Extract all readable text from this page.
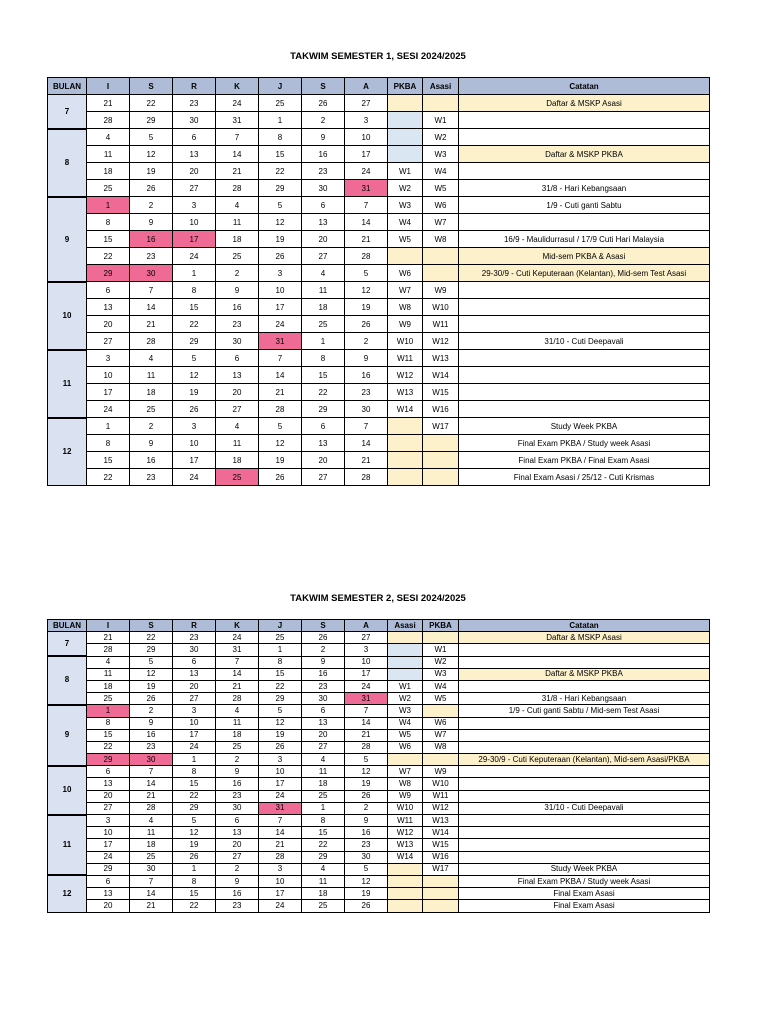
TAKWIM SEMESTER 1, SESI 2024/2025
BULAN	I	S	R	K	J	S	A	PKBA	Asasi	Catatan
7	21	22	23	24	25	26	27			Daftar & MSKP Asasi
	28	29	30	31	1	2	3		W1	
8	4	5	6	7	8	9	10		W2	
	11	12	13	14	15	16	17		W3	Daftar & MSKP PKBA
	18	19	20	21	22	23	24	W1	W4	
	25	26	27	28	29	30	31	W2	W5	31/8 - Hari Kebangsaan
9	1	2	3	4	5	6	7	W3	W6	1/9 - Cuti ganti Sabtu
	8	9	10	11	12	13	14	W4	W7	
	15	16	17	18	19	20	21	W5	W8	16/9 - Maulidurrasul / 17/9 Cuti Hari Malaysia
	22	23	24	25	26	27	28			Mid-sem PKBA & Asasi
	29	30	1	2	3	4	5	W6		29-30/9 - Cuti Keputeraan (Kelantan), Mid-sem Test Asasi
10	6	7	8	9	10	11	12	W7	W9	
	13	14	15	16	17	18	19	W8	W10	
	20	21	22	23	24	25	26	W9	W11	
	27	28	29	30	31	1	2	W10	W12	31/10 - Cuti Deepavali
11	3	4	5	6	7	8	9	W11	W13	
	10	11	12	13	14	15	16	W12	W14	
	17	18	19	20	21	22	23	W13	W15	
	24	25	26	27	28	29	30	W14	W16	
12	1	2	3	4	5	6	7		W17	Study Week PKBA
	8	9	10	11	12	13	14			Final Exam PKBA / Study week Asasi
	15	16	17	18	19	20	21			Final Exam PKBA / Final Exam Asasi
	22	23	24	25	26	27	28			Final Exam Asasi / 25/12 - Cuti Krismas
TAKWIM SEMESTER 2, SESI 2024/2025
BULAN	I	S	R	K	J	S	A	Asasi	PKBA	Catatan
7	21	22	23	24	25	26	27			Daftar & MSKP Asasi
	28	29	30	31	1	2	3		W1	
8	4	5	6	7	8	9	10		W2	
	11	12	13	14	15	16	17		W3	Daftar & MSKP PKBA
	18	19	20	21	22	23	24	W1	W4	
	25	26	27	28	29	30	31	W2	W5	31/8 - Hari Kebangsaan
9	1	2	3	4	5	6	7	W3		1/9 - Cuti ganti Sabtu / Mid-sem Test Asasi
	8	9	10	11	12	13	14	W4	W6	
	15	16	17	18	19	20	21	W5	W7	
	22	23	24	25	26	27	28	W6	W8	
	29	30	1	2	3	4	5			29-30/9 - Cuti Keputeraan (Kelantan), Mid-sem Asasi/PKBA
10	6	7	8	9	10	11	12	W7	W9	
	13	14	15	16	17	18	19	W8	W10	
	20	21	22	23	24	25	26	W9	W11	
	27	28	29	30	31	1	2	W10	W12	31/10 - Cuti Deepavali
11	3	4	5	6	7	8	9	W11	W13	
	10	11	12	13	14	15	16	W12	W14	
	17	18	19	20	21	22	23	W13	W15	
	24	25	26	27	28	29	30	W14	W16	
	29	30	1	2	3	4	5		W17	Study Week PKBA
12	6	7	8	9	10	11	12			Final Exam PKBA / Study week Asasi
	13	14	15	16	17	18	19			Final Exam Asasi
	20	21	22	23	24	25	26			Final Exam Asasi
